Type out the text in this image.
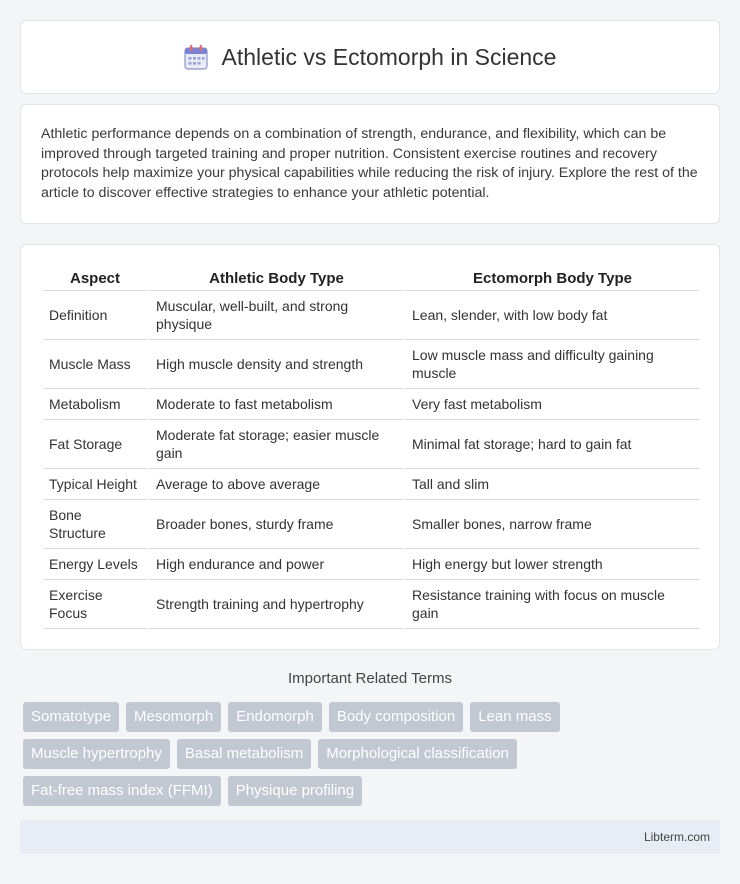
Athletic vs Ectomorph in Science

Athletic performance depends on a combination of strength, endurance, and flexibility, which can be improved through targeted training and proper nutrition. Consistent exercise routines and recovery protocols help maximize your physical capabilities while reducing the risk of injury. Explore the rest of the article to discover effective strategies to enhance your athletic potential.

Aspect	Athletic Body Type	Ectomorph Body Type
Definition	Muscular, well-built, and strong physique	Lean, slender, with low body fat
Muscle Mass	High muscle density and strength	Low muscle mass and difficulty gaining muscle
Metabolism	Moderate to fast metabolism	Very fast metabolism
Fat Storage	Moderate fat storage; easier muscle gain	Minimal fat storage; hard to gain fat
Typical Height	Average to above average	Tall and slim
Bone Structure	Broader bones, sturdy frame	Smaller bones, narrow frame
Energy Levels	High endurance and power	High energy but lower strength
Exercise Focus	Strength training and hypertrophy	Resistance training with focus on muscle gain
Important Related Terms
Somatotype	Mesomorph	Endomorph	Body composition	Lean mass
Muscle hypertrophy	Basal metabolism	Morphological classification
Fat-free mass index (FFMI)	Physique profiling
Libterm.com
